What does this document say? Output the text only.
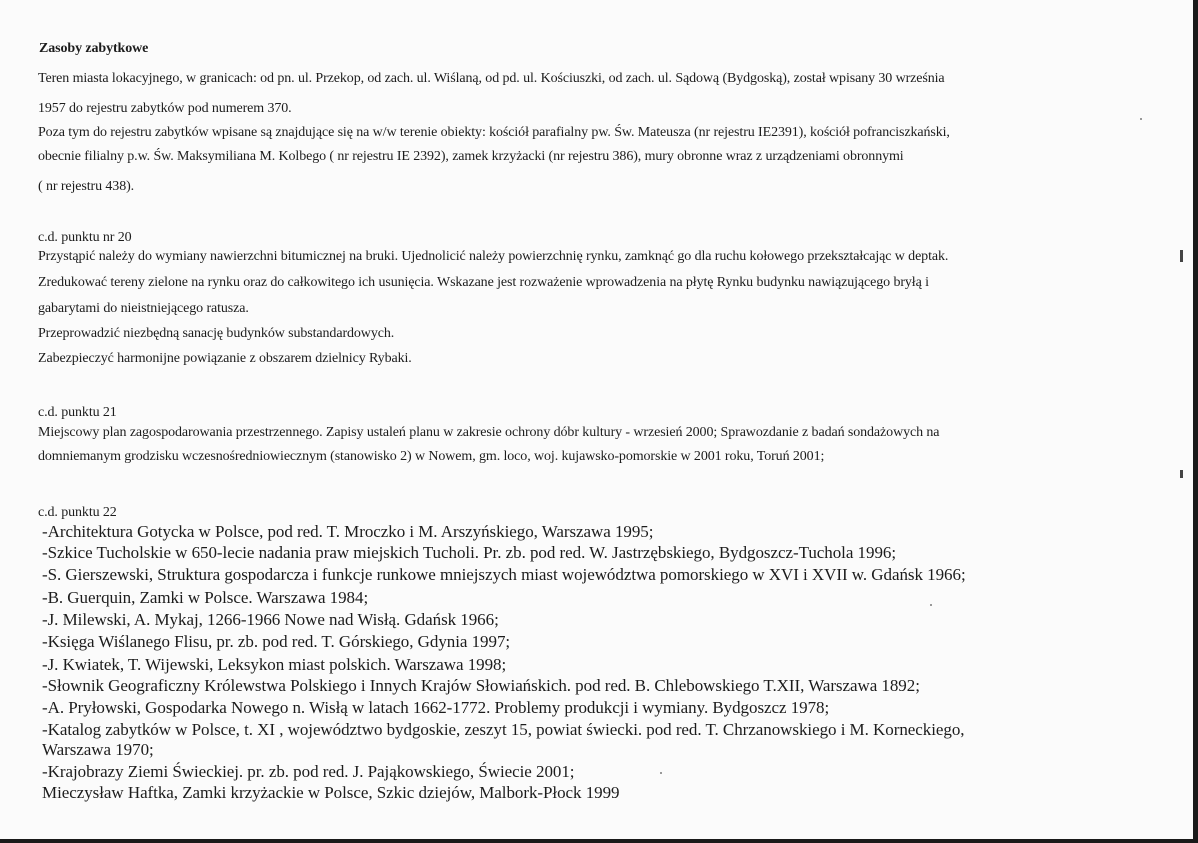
Zasoby zabytkowe
Teren miasta lokacyjnego, w granicach: od pn. ul. Przekop, od zach. ul. Wiślaną, od pd. ul. Kościuszki, od zach. ul. Sądową (Bydgoską), został wpisany 30 września
1957 do rejestru zabytków pod numerem 370.
Poza tym do rejestru zabytków wpisane są znajdujące się na w/w terenie obiekty: kościół parafialny pw. Św. Mateusza (nr rejestru IE2391), kościół pofranciszkański,
obecnie filialny p.w. Św. Maksymiliana M. Kolbego ( nr rejestru IE 2392), zamek krzyżacki (nr rejestru 386), mury obronne wraz z urządzeniami obronnymi
( nr rejestru 438).
c.d. punktu nr 20
Przystąpić należy do wymiany nawierzchni bitumicznej na bruki. Ujednolicić należy powierzchnię rynku, zamknąć go dla ruchu kołowego przekształcając w deptak.
Zredukować tereny zielone na rynku oraz do całkowitego ich usunięcia. Wskazane jest rozważenie wprowadzenia na płytę Rynku budynku nawiązującego bryłą i
gabarytami do nieistniejącego ratusza.
Przeprowadzić niezbędną sanację budynków substandardowych.
Zabezpieczyć harmonijne powiązanie z obszarem dzielnicy Rybaki.
c.d. punktu 21
Miejscowy plan zagospodarowania przestrzennego. Zapisy ustaleń planu w zakresie ochrony dóbr kultury - wrzesień 2000; Sprawozdanie z badań sondażowych na
domniemanym grodzisku wczesnośredniowiecznym (stanowisko 2) w Nowem, gm. loco, woj. kujawsko-pomorskie w 2001 roku, Toruń 2001;
c.d. punktu 22
-Architektura Gotycka w Polsce, pod red. T. Mroczko i M. Arszyńskiego, Warszawa 1995;
-Szkice Tucholskie w 650-lecie nadania praw miejskich Tucholi. Pr. zb. pod red. W. Jastrzębskiego, Bydgoszcz-Tuchola 1996;
-S. Gierszewski, Struktura gospodarcza i funkcje runkowe mniejszych miast województwa pomorskiego w XVI i XVII w. Gdańsk 1966;
-B. Guerquin, Zamki w Polsce. Warszawa 1984;
-J. Milewski, A. Mykaj, 1266-1966 Nowe nad Wisłą. Gdańsk 1966;
-Księga Wiślanego Flisu, pr. zb. pod red. T. Górskiego, Gdynia 1997;
-J. Kwiatek, T. Wijewski, Leksykon miast polskich. Warszawa 1998;
-Słownik Geograficzny Królewstwa Polskiego i Innych Krajów Słowiańskich. pod red. B. Chlebowskiego T.XII, Warszawa 1892;
-A. Pryłowski, Gospodarka Nowego n. Wisłą w latach 1662-1772. Problemy produkcji i wymiany. Bydgoszcz 1978;
-Katalog zabytków w Polsce, t. XI , województwo bydgoskie, zeszyt 15, powiat świecki. pod red. T. Chrzanowskiego i M. Korneckiego,
Warszawa 1970;
-Krajobrazy Ziemi Świeckiej. pr. zb. pod red. J. Pająkowskiego, Świecie 2001;
Mieczysław Haftka, Zamki krzyżackie w Polsce, Szkic dziejów, Malbork-Płock 1999
